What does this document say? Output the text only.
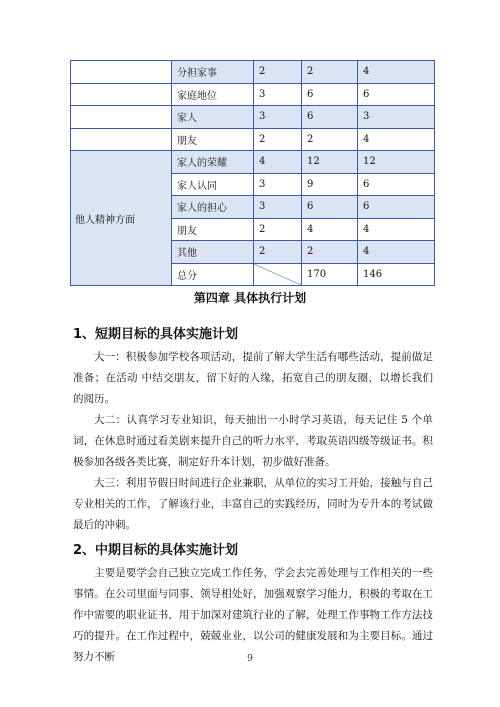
	分担家事	2	2	4
	家庭地位	3	6	6
	家人	3	6	3
	朋友	2	2	4
他人精神方面	家人的荣耀	4	12	12
	家人认同	3	9	6
	家人的担心	3	6	6
	朋友	2	4	4
	其他	2	2	4
	总分		170	146
第四章 具体执行计划
1、短期目标的具体实施计划

大一：积极参加学校各项活动，提前了解大学生活有哪些活动，提前做足准备；在活动 中结交朋友，留下好的人缘，拓宽自己的朋友圈，以增长我们的阅历。

大二：认真学习专业知识，每天抽出一小时学习英语，每天记住 5 个单词，在休息时通过看美剧来提升自己的听力水平，考取英语四级等级证书。积极参加各级各类比赛，制定好升本计划，初步做好准备。

大三：利用节假日时间进行企业兼职，从单位的实习工开始，接触与自己专业相关的工作，了解该行业，丰富自己的实践经历，同时为专升本的考试做最后的冲刺。

2、中期目标的具体实施计划

主要是要学会自己独立完成工作任务，学会去完善处理与工作相关的一些事情。在公司里面与同事、领导相处好，加强观察学习能力，积极的考取在工作中需要的职业证书，用于加深对建筑行业的了解，处理工作事物工作方法技巧的提升。在工作过程中，兢兢业业，以公司的健康发展和为主要目标。通过努力不断	9
